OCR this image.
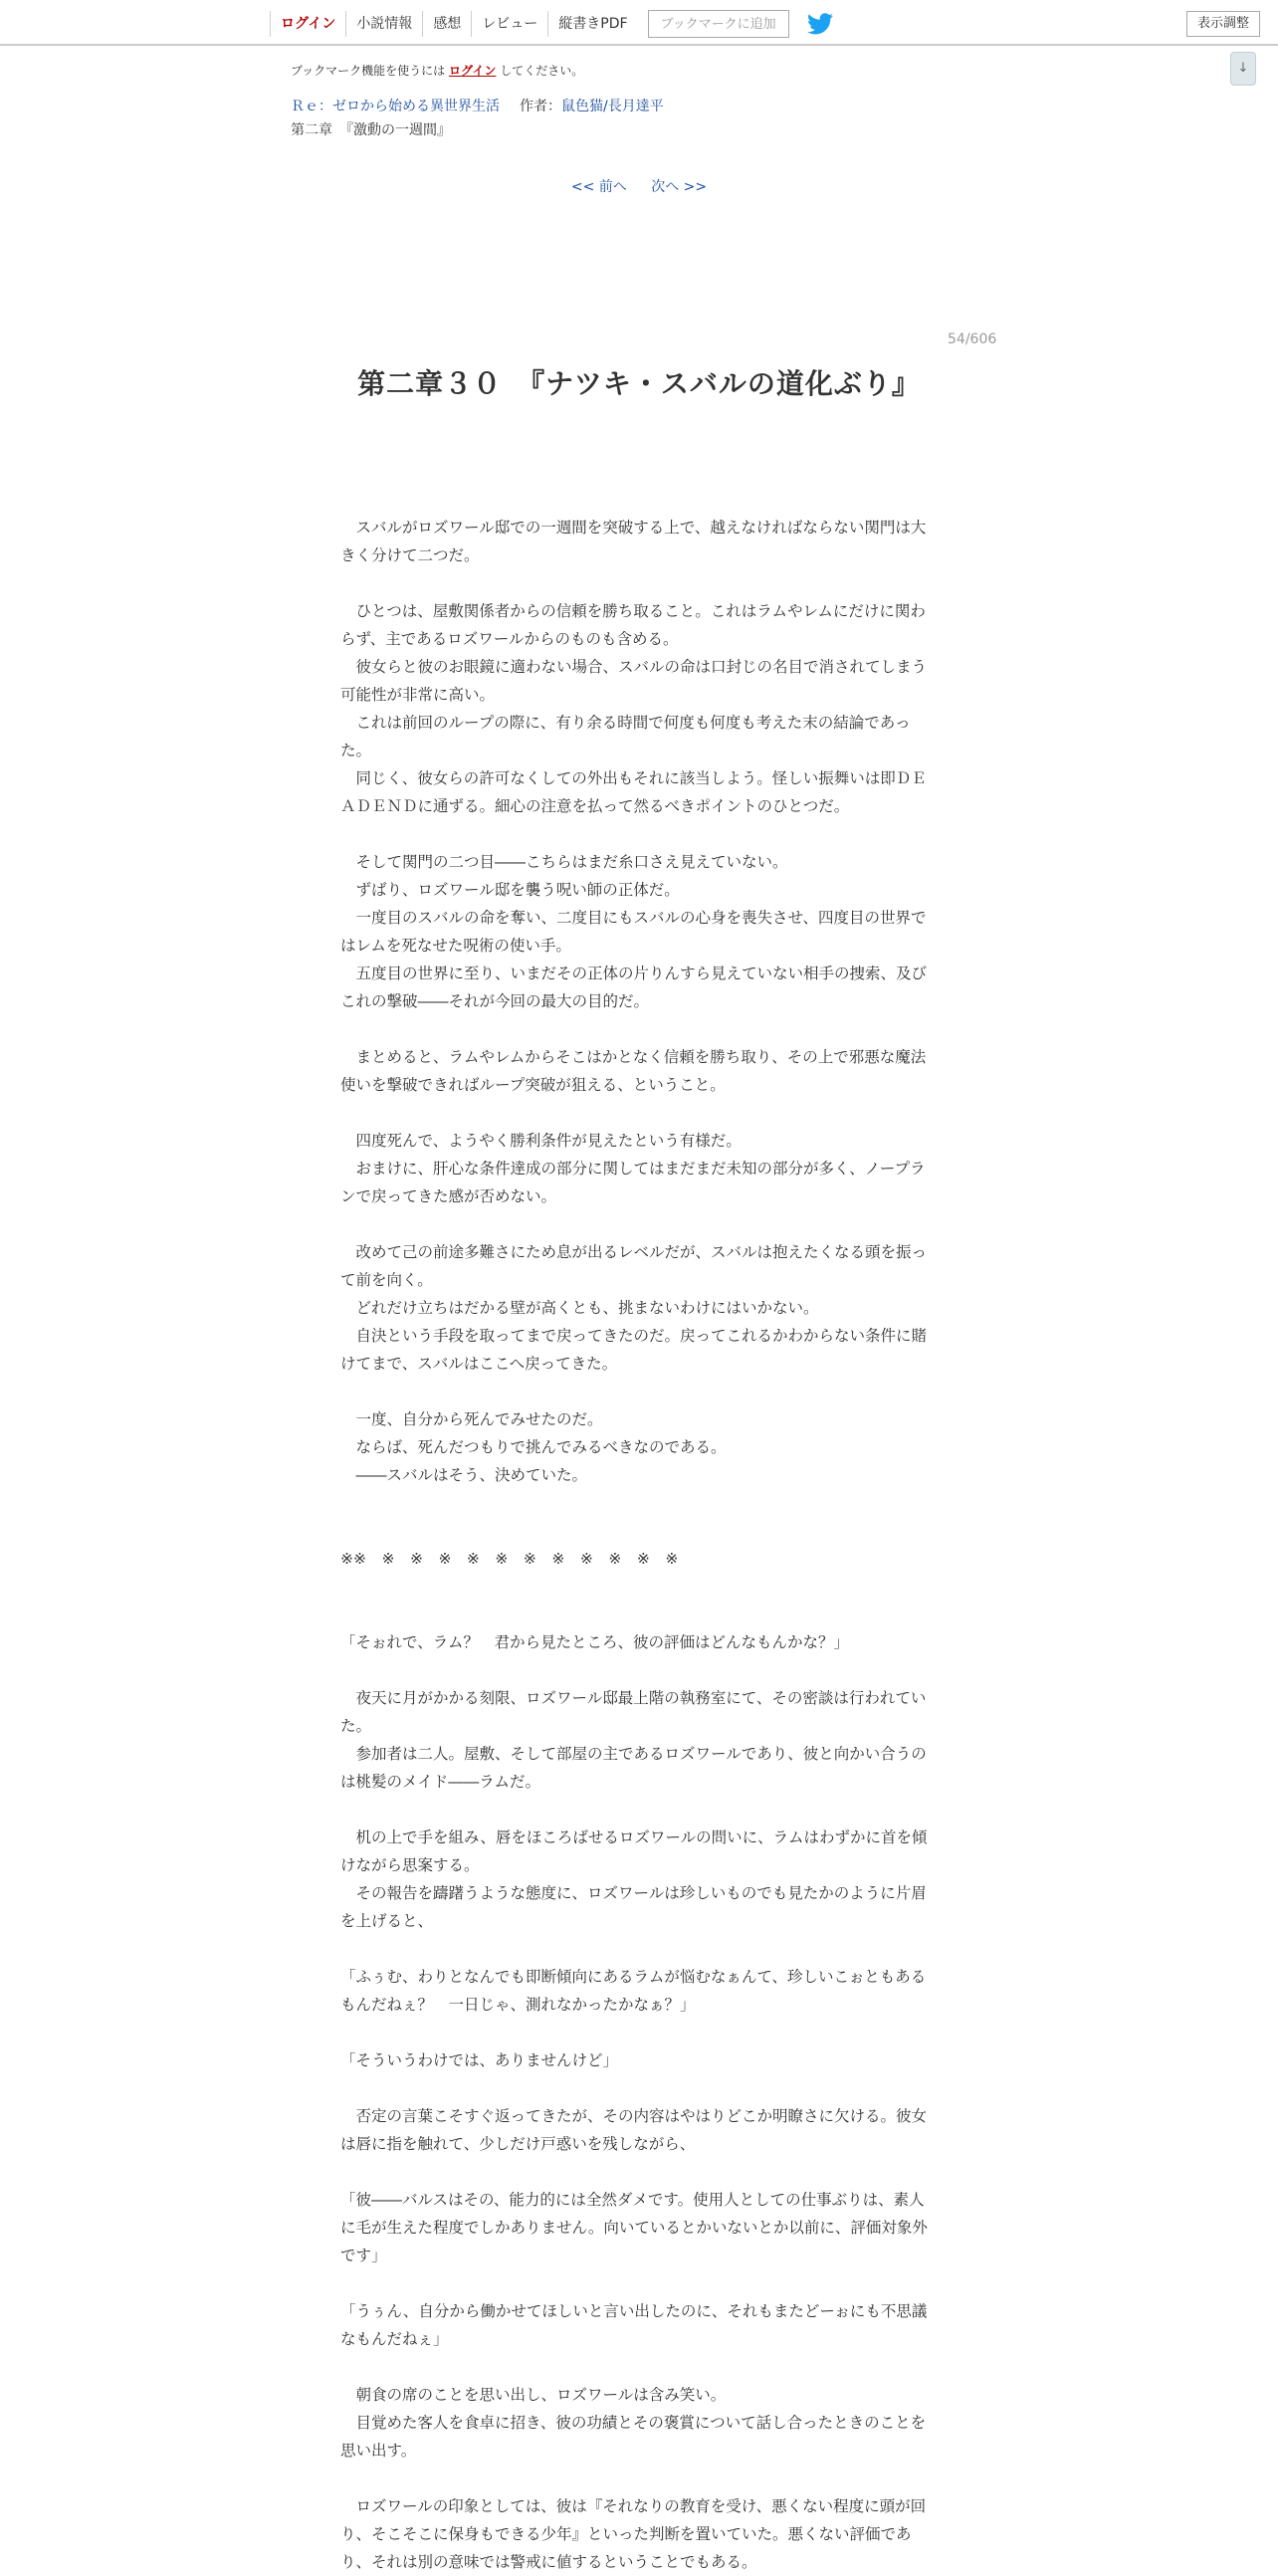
ログイン	小説情報	感想	レビュー	縦書きPDF	ブックマークに追加	表示調整
↓
ブックマーク機能を使うには ログイン してください。
Ｒｅ：ゼロから始める異世界生活 作者：鼠色猫/長月達平
第二章　『激動の一週間』
<< 前へ 次へ >>
54/606
第二章３０　『ナツキ・スバルの道化ぶり』

　スバルがロズワール邸での一週間を突破する上で、越えなければならない関門は大きく分けて二つだ。

　ひとつは、屋敷関係者からの信頼を勝ち取ること。これはラムやレムにだけに関わらず、主であるロズワールからのものも含める。

　彼女らと彼のお眼鏡に適わない場合、スバルの命は口封じの名目で消されてしまう可能性が非常に高い。

　これは前回のループの際に、有り余る時間で何度も何度も考えた末の結論であった。

　同じく、彼女らの許可なくしての外出もそれに該当しよう。怪しい振舞いは即ＤＥＡＤＥＮＤに通ずる。細心の注意を払って然るべきポイントのひとつだ。

　そして関門の二つ目――こちらはまだ糸口さえ見えていない。

　ずばり、ロズワール邸を襲う呪い師の正体だ。

　一度目のスバルの命を奪い、二度目にもスバルの心身を喪失させ、四度目の世界ではレムを死なせた呪術の使い手。

　五度目の世界に至り、いまだその正体の片りんすら見えていない相手の捜索、及びこれの撃破――それが今回の最大の目的だ。

　まとめると、ラムやレムからそこはかとなく信頼を勝ち取り、その上で邪悪な魔法使いを撃破できればループ突破が狙える、ということ。

　四度死んで、ようやく勝利条件が見えたという有様だ。

　おまけに、肝心な条件達成の部分に関してはまだまだ未知の部分が多く、ノープランで戻ってきた感が否めない。

　改めて己の前途多難さにため息が出るレベルだが、スバルは抱えたくなる頭を振って前を向く。

　どれだけ立ちはだかる壁が高くとも、挑まないわけにはいかない。

　自決という手段を取ってまで戻ってきたのだ。戻ってこれるかわからない条件に賭けてまで、スバルはここへ戻ってきた。

　一度、自分から死んでみせたのだ。

　ならば、死んだつもりで挑んでみるべきなのである。

　――スバルはそう、決めていた。

※※　※　※　※　※　※　※　※　※　※　※　※

「そぉれで、ラム？　君から見たところ、彼の評価はどんなもんかな？」

　夜天に月がかかる刻限、ロズワール邸最上階の執務室にて、その密談は行われていた。

　参加者は二人。屋敷、そして部屋の主であるロズワールであり、彼と向かい合うのは桃髪のメイド――ラムだ。

　机の上で手を組み、唇をほころばせるロズワールの問いに、ラムはわずかに首を傾けながら思案する。

　その報告を躊躇うような態度に、ロズワールは珍しいものでも見たかのように片眉を上げると、

「ふぅむ、わりとなんでも即断傾向にあるラムが悩むなぁんて、珍しいこぉともあるもんだねぇ？　一日じゃ、測れなかったかなぁ？」

「そういうわけでは、ありませんけど」

　否定の言葉こそすぐ返ってきたが、その内容はやはりどこか明瞭さに欠ける。彼女は唇に指を触れて、少しだけ戸惑いを残しながら、

「彼――バルスはその、能力的には全然ダメです。使用人としての仕事ぶりは、素人に毛が生えた程度でしかありません。向いているとかいないとか以前に、評価対象外です」

「うぅん、自分から働かせてほしいと言い出したのに、それもまたどーぉにも不思議なもんだねぇ」

　朝食の席のことを思い出し、ロズワールは含み笑い。

　目覚めた客人を食卓に招き、彼の功績とその褒賞について話し合ったときのことを思い出す。

　ロズワールの印象としては、彼は『それなりの教育を受け、悪くない程度に頭が回り、そこそこに保身もできる少年』といった判断を置いていた。悪くない評価であり、それは別の意味では警戒に値するということでもある。
